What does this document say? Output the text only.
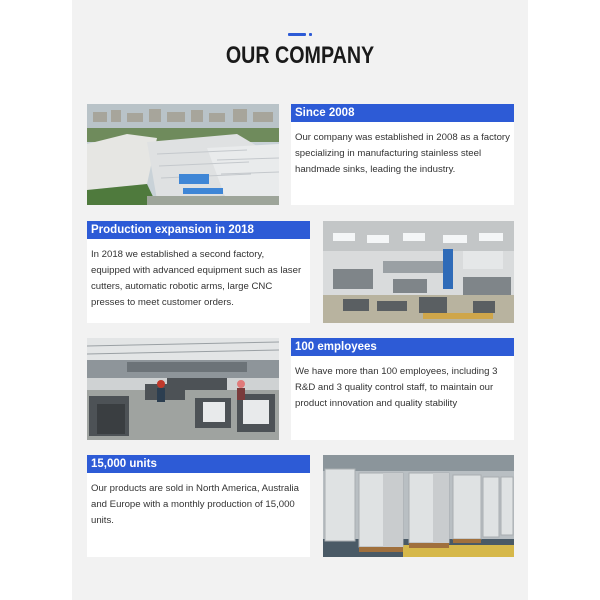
OUR COMPANY
Since 2008
Our company was established in 2008 as a factory specializing in manufacturing stainless steel handmade sinks, leading the industry.
Production expansion in 2018
In 2018 we established a second factory, equipped with advanced equipment such as laser cutters, automatic robotic arms, large CNC presses to meet customer orders.
100 employees
We have more than 100 employees, including 3 R&D and 3 quality control staff, to maintain our product innovation and quality stability
15,000 units
Our products are sold in North America, Australia and Europe with a monthly production of 15,000 units.
